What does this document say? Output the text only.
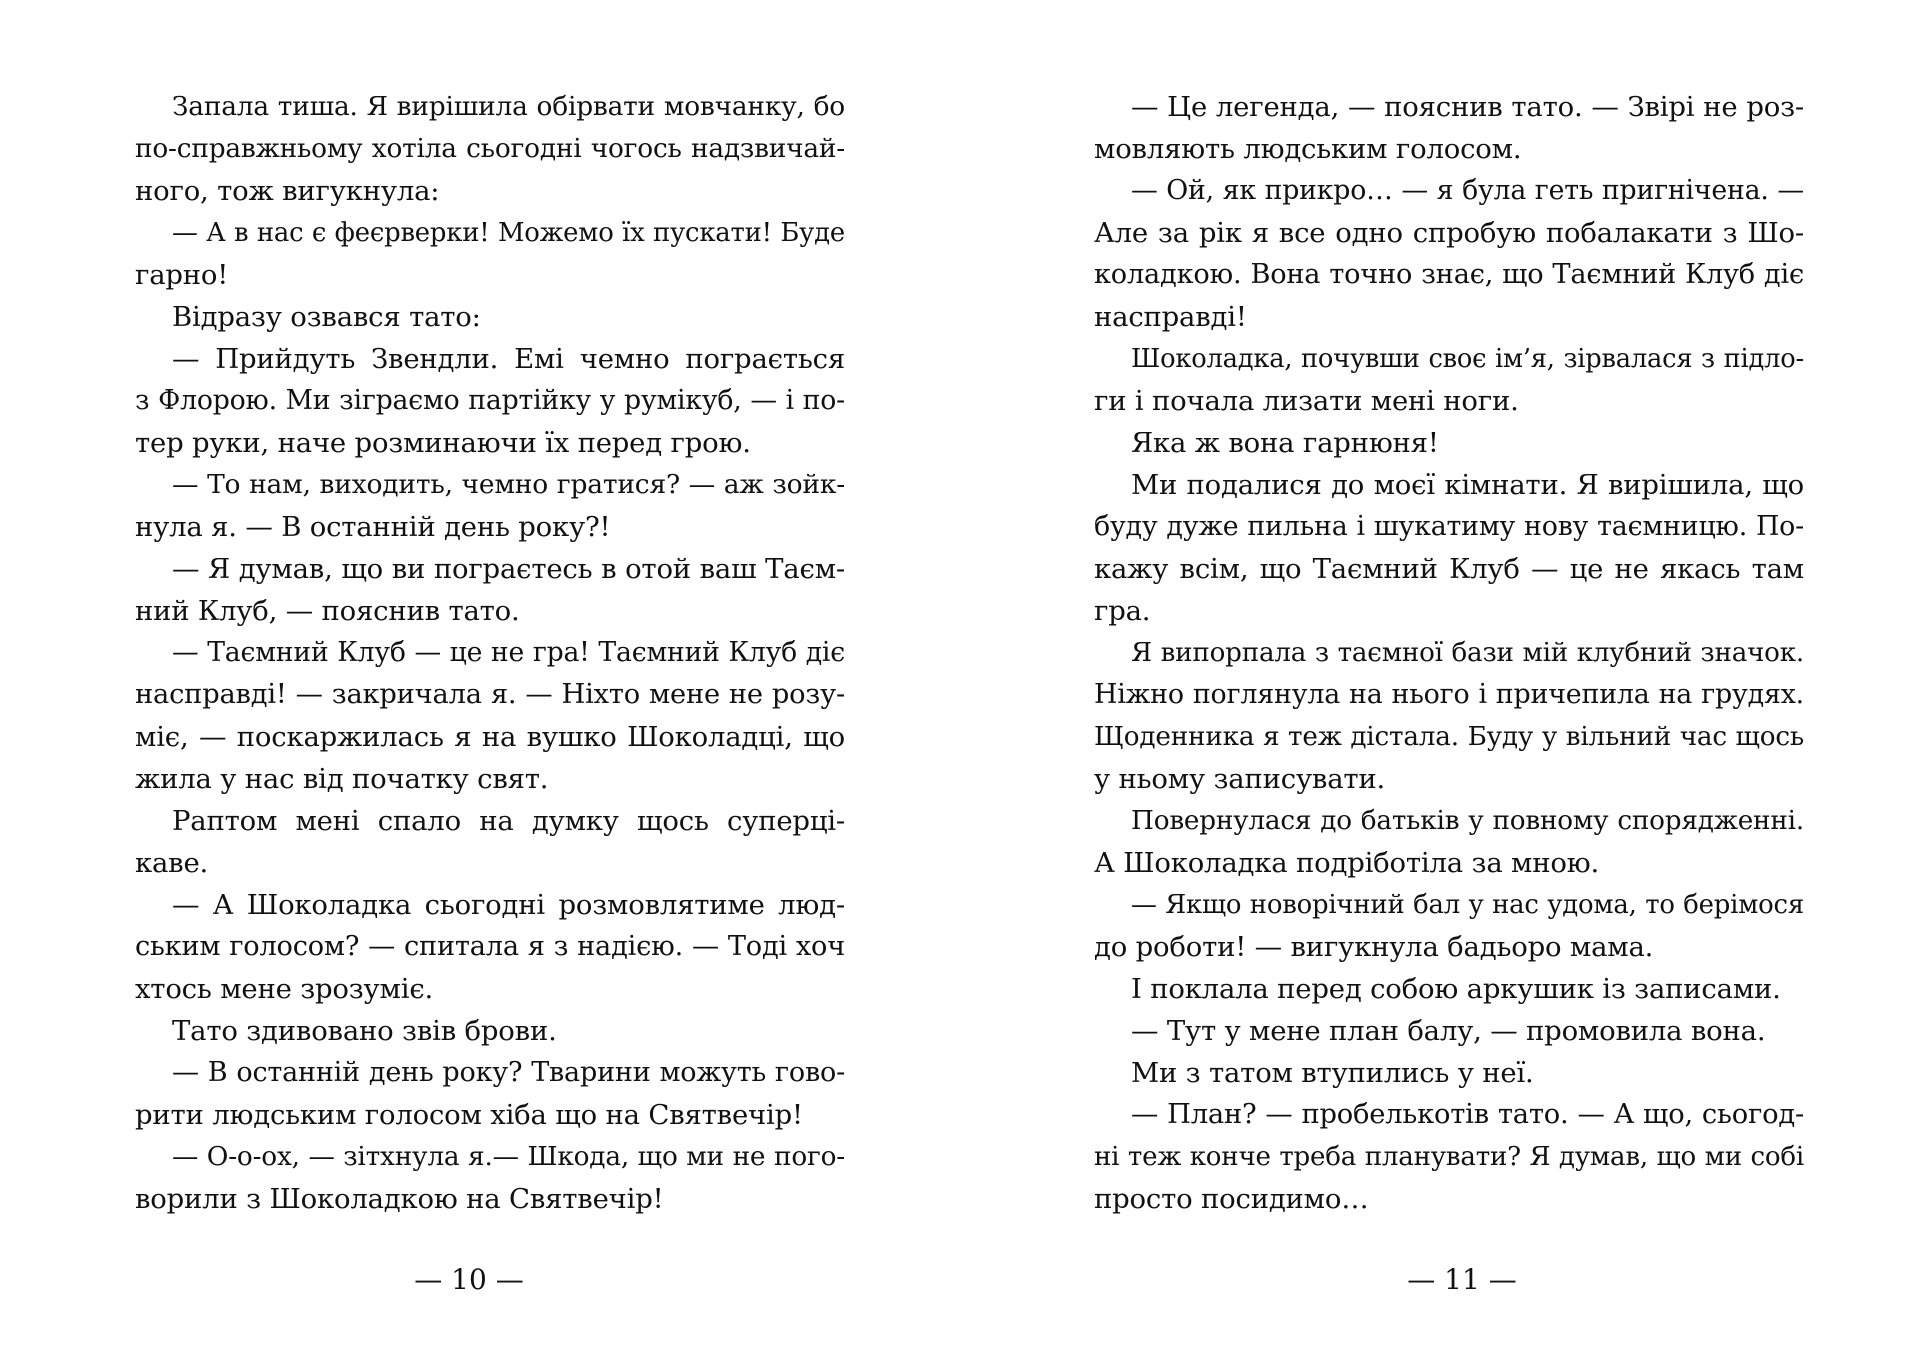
Запала тиша. Я вирішила обірвати мовчанку, бо
по-справжньому хотіла сьогодні чогось надзвичай-
ного, тож вигукнула:
— А в нас є феєрверки! Можемо їх пускати! Буде
гарно!
Відразу озвався тато:
— Прийдуть Звендли. Емі чемно пограється
з Флорою. Ми зіграємо партійку у румікуб, — і по-
тер руки, наче розминаючи їх перед грою.
— То нам, виходить, чемно гратися? — аж зойк-
нула я. — В останній день року?!
— Я думав, що ви пограєтесь в отой ваш Таєм-
ний Клуб, — пояснив тато.
— Таємний Клуб — це не гра! Таємний Клуб діє
насправді! — закричала я. — Ніхто мене не розу-
міє, — поскаржилась я на вушко Шоколадці, що
жила у нас від початку свят.
Раптом мені спало на думку щось суперці-
каве.
— А Шоколадка сьогодні розмовлятиме люд-
ським голосом? — спитала я з надією. — Тоді хоч
хтось мене зрозуміє.
Тато здивовано звів брови.
— В останній день року? Тварини можуть гово-
рити людським голосом хіба що на Святвечір!
— О-о-ох, — зітхнула я.— Шкода, що ми не пого-
ворили з Шоколадкою на Святвечір!
— Це легенда, — пояснив тато. — Звірі не роз-
мовляють людським голосом.
— Ой, як прикро… — я була геть пригнічена. —
Але за рік я все одно спробую побалакати з Шо-
коладкою. Вона точно знає, що Таємний Клуб діє
насправді!
Шоколадка, почувши своє ім’я, зірвалася з підло-
ги і почала лизати мені ноги.
Яка ж вона гарнюня!
Ми подалися до моєї кімнати. Я вирішила, що
буду дуже пильна і шукатиму нову таємницю. По-
кажу всім, що Таємний Клуб — це не якась там
гра.
Я випорпала з таємної бази мій клубний значок.
Ніжно поглянула на нього і причепила на грудях.
Щоденника я теж дістала. Буду у вільний час щось
у ньому записувати.
Повернулася до батьків у повному спорядженні.
А Шоколадка подріботіла за мною.
— Якщо новорічний бал у нас удома, то берімося
до роботи! — вигукнула бадьоро мама.
І поклала перед собою аркушик із записами.
— Тут у мене план балу, — промовила вона.
Ми з татом втупились у неї.
— План? — пробелькотів тато. — А що, сьогод-
ні теж конче треба планувати? Я думав, що ми собі
просто посидимо…
— 10 —	— 11 —
